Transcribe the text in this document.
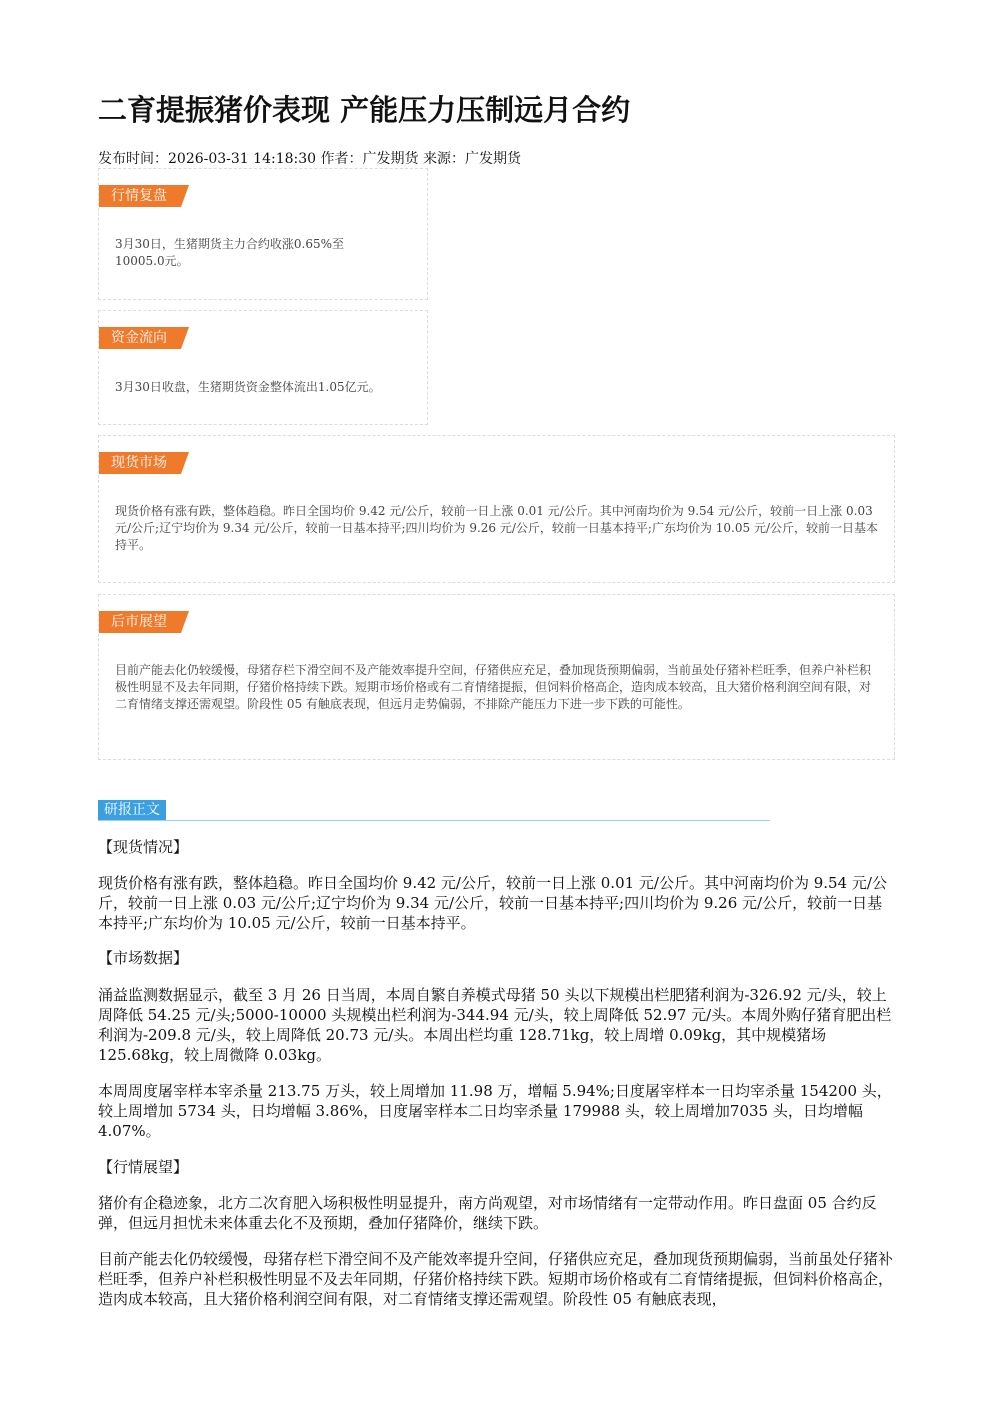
二育提振猪价表现 产能压力压制远月合约
发布时间：2026-03-31 14:18:30 作者：广发期货 来源：广发期货
行情复盘
3月30日，生猪期货主力合约收涨0.65%至10005.0元。
资金流向
3月30日收盘，生猪期货资金整体流出1.05亿元。
现货市场
现货价格有涨有跌，整体趋稳。昨日全国均价 9.42 元/公斤，较前一日上涨 0.01 元/公斤。其中河南均价为 9.54 元/公斤，较前一日上涨 0.03 元/公斤;辽宁均价为 9.34 元/公斤，较前一日基本持平;四川均价为 9.26 元/公斤，较前一日基本持平;广东均价为 10.05 元/公斤，较前一日基本持平。
后市展望
目前产能去化仍较缓慢，母猪存栏下滑空间不及产能效率提升空间，仔猪供应充足，叠加现货预期偏弱，当前虽处仔猪补栏旺季，但养户补栏积极性明显不及去年同期，仔猪价格持续下跌。短期市场价格或有二育情绪提振，但饲料价格高企，造肉成本较高，且大猪价格利润空间有限，对二育情绪支撑还需观望。阶段性 05 有触底表现，但远月走势偏弱，不排除产能压力下进一步下跌的可能性。
研报正文
【现货情况】
现货价格有涨有跌，整体趋稳。昨日全国均价 9.42 元/公斤，较前一日上涨 0.01 元/公斤。其中河南均价为 9.54 元/公斤，较前一日上涨 0.03 元/公斤;辽宁均价为 9.34 元/公斤，较前一日基本持平;四川均价为 9.26 元/公斤，较前一日基本持平;广东均价为 10.05 元/公斤，较前一日基本持平。
【市场数据】
涌益监测数据显示，截至 3 月 26 日当周，本周自繁自养模式母猪 50 头以下规模出栏肥猪利润为-326.92 元/头，较上周降低 54.25 元/头;5000-10000 头规模出栏利润为-344.94 元/头，较上周降低 52.97 元/头。本周外购仔猪育肥出栏利润为-209.8 元/头，较上周降低 20.73 元/头。本周出栏均重 128.71kg，较上周增 0.09kg，其中规模猪场 125.68kg，较上周微降 0.03kg。
本周周度屠宰样本宰杀量 213.75 万头，较上周增加 11.98 万，增幅 5.94%;日度屠宰样本一日均宰杀量 154200 头，较上周增加 5734 头，日均增幅 3.86%，日度屠宰样本二日均宰杀量 179988 头，较上周增加7035 头，日均增幅 4.07%。
【行情展望】
猪价有企稳迹象，北方二次育肥入场积极性明显提升，南方尚观望，对市场情绪有一定带动作用。昨日盘面 05 合约反弹，但远月担忧未来体重去化不及预期，叠加仔猪降价，继续下跌。
目前产能去化仍较缓慢，母猪存栏下滑空间不及产能效率提升空间，仔猪供应充足，叠加现货预期偏弱，当前虽处仔猪补栏旺季，但养户补栏积极性明显不及去年同期，仔猪价格持续下跌。短期市场价格或有二育情绪提振，但饲料价格高企，造肉成本较高，且大猪价格利润空间有限，对二育情绪支撑还需观望。阶段性 05 有触底表现，
